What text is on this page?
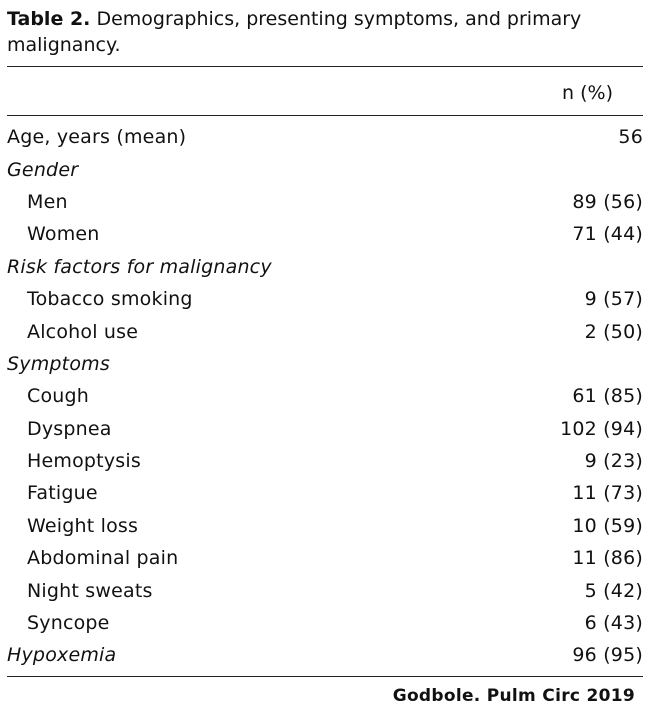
Table 2. Demographics, presenting symptoms, and primary malignancy.
n (%)
Age, years (mean)	56
Gender
Men	89 (56)
Women	71 (44)
Risk factors for malignancy
Tobacco smoking	9 (57)
Alcohol use	2 (50)
Symptoms
Cough	61 (85)
Dyspnea	102 (94)
Hemoptysis	9 (23)
Fatigue	11 (73)
Weight loss	10 (59)
Abdominal pain	11 (86)
Night sweats	5 (42)
Syncope	6 (43)
Hypoxemia	96 (95)
Godbole. Pulm Circ 2019
